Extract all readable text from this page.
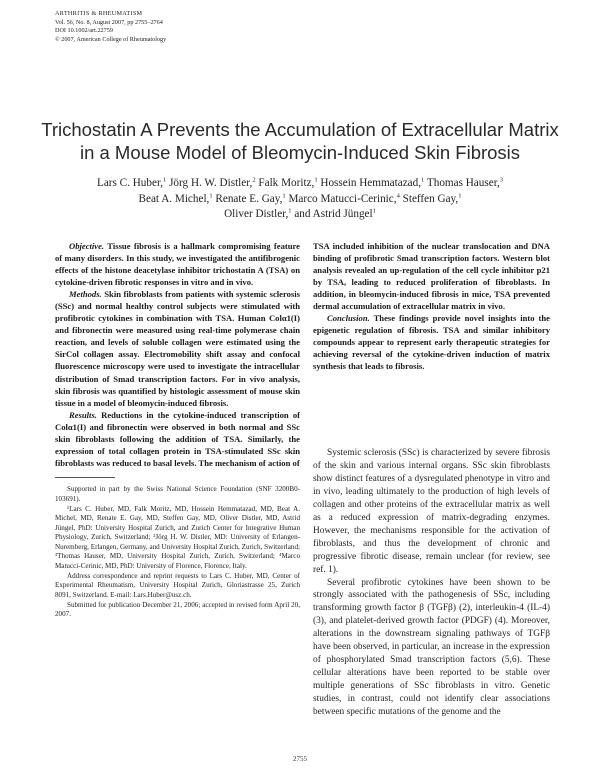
ARTHRITIS & RHEUMATISM
Vol. 56, No. 8, August 2007, pp 2755–2764
DOI 10.1002/art.22759
© 2007, American College of Rheumatology
Trichostatin A Prevents the Accumulation of Extracellular Matrix in a Mouse Model of Bleomycin-Induced Skin Fibrosis
Lars C. Huber,$^1$ Jörg H. W. Distler,$^2$ Falk Moritz,$^1$ Hossein Hemmatazad,$^1$ Thomas Hauser,$^3$
Beat A. Michel,$^1$ Renate E. Gay,$^1$ Marco Matucci-Cerinic,$^4$ Steffen Gay,$^1$
Oliver Distler,$^1$ and Astrid Jüngel$^1$

Objective. Tissue fibrosis is a hallmark compromising feature of many disorders. In this study, we investigated the antifibrogenic effects of the histone deacetylase inhibitor trichostatin A (TSA) on cytokine-driven fibrotic responses in vitro and in vivo.

Methods. Skin fibroblasts from patients with systemic sclerosis (SSc) and normal healthy control subjects were stimulated with profibrotic cytokines in combination with TSA. Human Colα1(I) and fibronectin were measured using real-time polymerase chain reaction, and levels of soluble collagen were estimated using the SirCol collagen assay. Electromobility shift assay and confocal fluorescence microscopy were used to investigate the intracellular distribution of Smad transcription factors. For in vivo analysis, skin fibrosis was quantified by histologic assessment of mouse skin tissue in a model of bleomycin-induced fibrosis.

Results. Reductions in the cytokine-induced transcription of Colα1(I) and fibronectin were observed in both normal and SSc skin fibroblasts following the addition of TSA. Similarly, the expression of total collagen protein in TSA-stimulated SSc skin fibroblasts was reduced to basal levels. The mechanism of action of

TSA included inhibition of the nuclear translocation and DNA binding of profibrotic Smad transcription factors. Western blot analysis revealed an up-regulation of the cell cycle inhibitor p21 by TSA, leading to reduced proliferation of fibroblasts. In addition, in bleomycin-induced fibrosis in mice, TSA prevented dermal accumulation of extracellular matrix in vivo.

Conclusion. These findings provide novel insights into the epigenetic regulation of fibrosis. TSA and similar inhibitory compounds appear to represent early therapeutic strategies for achieving reversal of the cytokine-driven induction of matrix synthesis that leads to fibrosis.

Supported in part by the Swiss National Science Foundation (SNF 3200B0-103691).

¹Lars C. Huber, MD, Falk Moritz, MD, Hossein Hemmatazad, MD, Beat A. Michel, MD, Renate E. Gay, MD, Steffen Gay, MD, Oliver Distler, MD, Astrid Jüngel, PhD: University Hospital Zurich, and Zurich Center for Integrative Human Physiology, Zurich, Switzerland; ²Jörg H. W. Distler, MD: University of Erlangen-Nuremberg, Erlangen, Germany, and University Hospital Zurich, Zurich, Switzerland; ³Thomas Hauser, MD, University Hospital Zurich, Zurich, Switzerland; ⁴Marco Matucci-Cerinic, MD, PhD: University of Florence, Florence, Italy.

Address correspondence and reprint requests to Lars C. Huber, MD, Center of Experimental Rheumatism, University Hospital Zurich, Gloriastrasse 25, Zurich 8091, Switzerland. E-mail: Lars.Huber@usz.ch.

Submitted for publication December 21, 2006; accepted in revised form April 20, 2007.

Systemic sclerosis (SSc) is characterized by severe fibrosis of the skin and various internal organs. SSc skin fibroblasts show distinct features of a dysregulated phenotype in vitro and in vivo, leading ultimately to the production of high levels of collagen and other proteins of the extracellular matrix as well as a reduced expression of matrix-degrading enzymes. However, the mechanisms responsible for the activation of fibroblasts, and thus the development of chronic and progressive fibrotic disease, remain unclear (for review, see ref. 1).

Several profibrotic cytokines have been shown to be strongly associated with the pathogenesis of SSc, including transforming growth factor β (TGFβ) (2), interleukin-4 (IL-4) (3), and platelet-derived growth factor (PDGF) (4). Moreover, alterations in the downstream signaling pathways of TGFβ have been observed, in particular, an increase in the expression of phosphorylated Smad transcription factors (5,6). These cellular alterations have been reported to be stable over multiple generations of SSc fibroblasts in vitro. Genetic studies, in contrast, could not identify clear associations between specific mutations of the genome and the

2755
